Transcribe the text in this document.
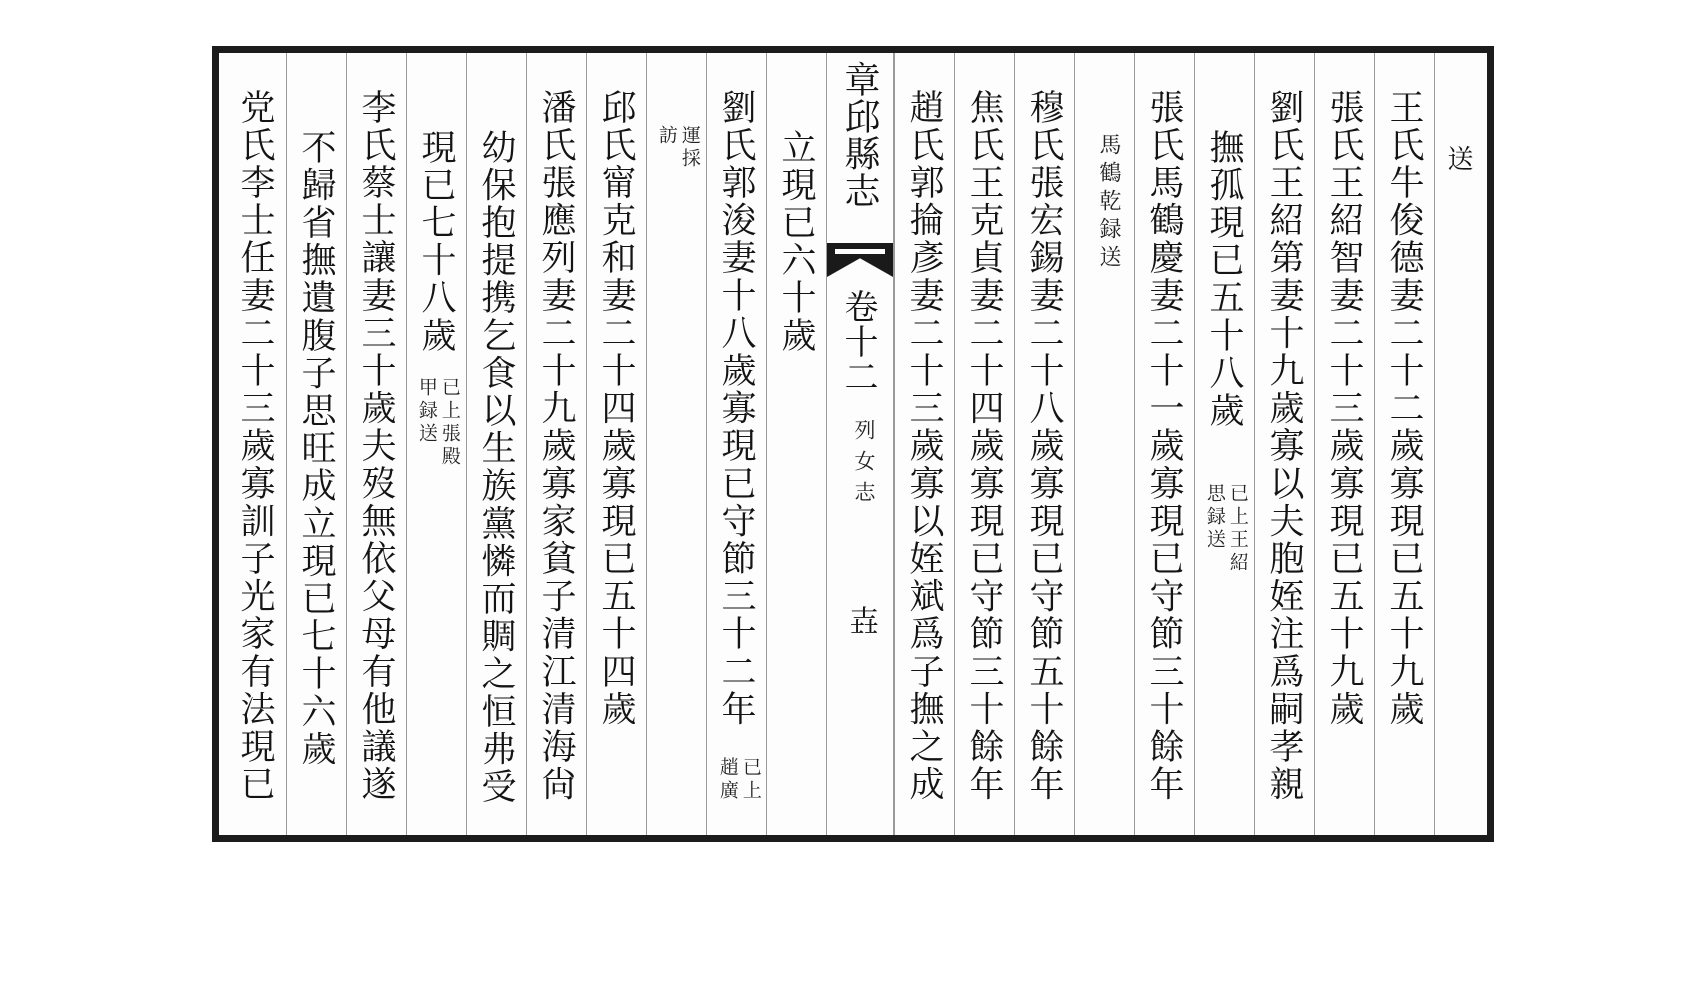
送
王氏牛俊德妻二十二歲寡現已五十九歲
張氏王紹智妻二十三歲寡現已五十九歲
劉氏王紹第妻十九歲寡以夫胞姪注爲嗣孝親
撫孤現已五十八歲
已上王紹
思録送
張氏馬鶴慶妻二十一歲寡現已守節三十餘年
馬鶴乾録送
穆氏張宏錫妻二十八歲寡現已守節五十餘年
焦氏王克貞妻二十四歲寡現已守節三十餘年
趙氏郭掄彥妻二十三歲寡以姪斌爲子撫之成
章邱縣志
卷十二
列女志
壵
立現已六十歲
劉氏郭浚妻十八歲寡現已守節三十二年
已上
趙廣
運採
訪
邱氏甯克和妻二十四歲寡現已五十四歲
潘氏張應列妻二十九歲寡家貧子清江清海尙
幼保抱提携乞食以生族黨憐而賙之恒弗受
現已七十八歲
已上張殿
甲録送
李氏蔡士讓妻三十歲夫歿無依父母有他議遂
不歸省撫遺腹子思旺成立現已七十六歲
党氏李士任妻二十三歲寡訓子光家有法現已
